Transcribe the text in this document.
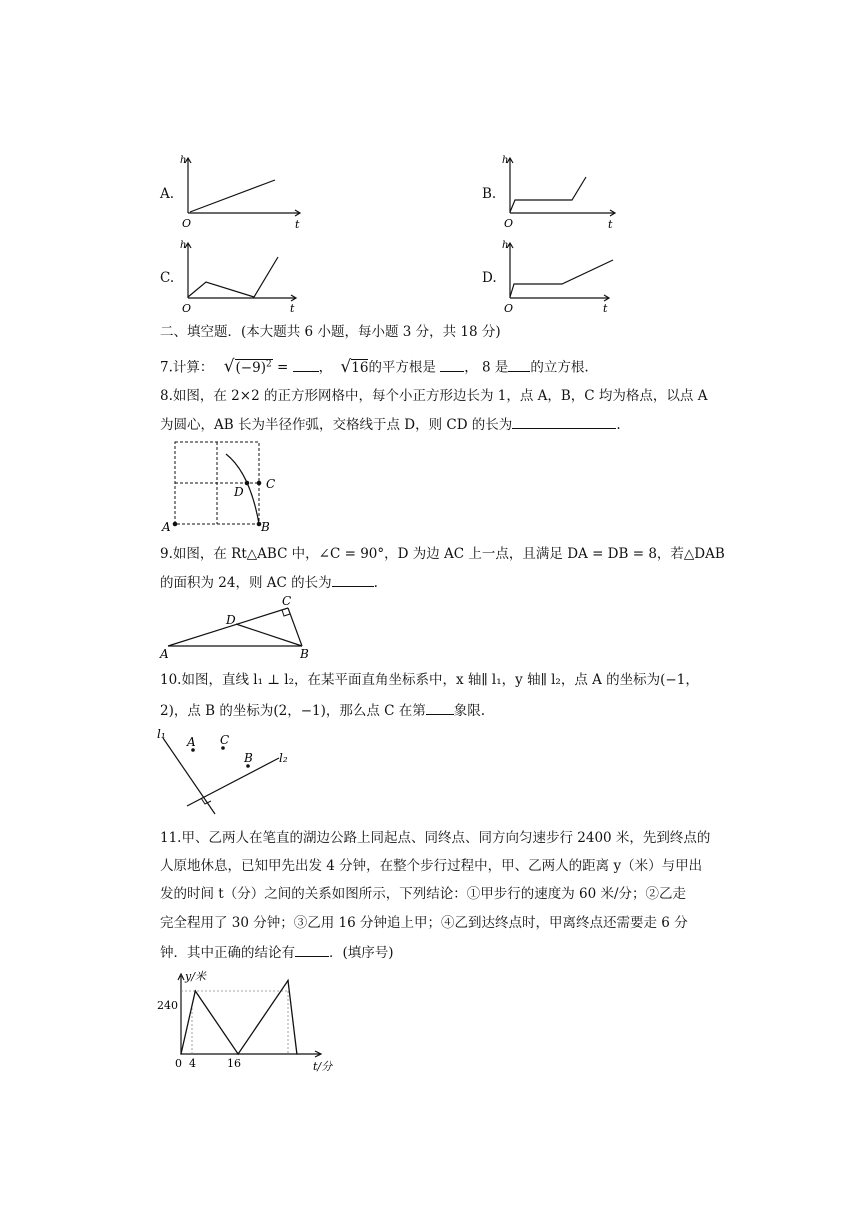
A.
h
O	t
B.
h
O	t
C.
h
O	t
D.
h
O	t
二、填空题．(本大题共 6 小题，每小题 3 分，共 18 分)
7.计算： $√(-9)^2$ = ， √16的平方根是 ， 8 是 的立方根.
8.如图，在 2×2 的正方形网格中，每个小正方形边长为 1，点 A，B，C 均为格点，以点 A
为圆心，AB 长为半径作弧，交格线于点 D，则 CD 的长为	.
A	B
C
D
9.如图，在 Rt△ABC 中，∠C = 90°，D 为边 AC 上一点，且满足 DA = DB = 8，若△DAB
的面积为 24，则 AC 的长为	.
A	B
C
D
10.如图，直线 l₁ ⊥ l₂，在某平面直角坐标系中，x 轴∥ l₁，y 轴∥ l₂，点 A 的坐标为(−1，
2)，点 B 的坐标为(2，−1)，那么点 C 在第 象限.
l₁
l₂
A C
B
11.甲、乙两人在笔直的湖边公路上同起点、同终点、同方向匀速步行 2400 米，先到终点的
人原地休息，已知甲先出发 4 分钟，在整个步行过程中，甲、乙两人的距离 y（米）与甲出
发的时间 t（分）之间的关系如图所示，下列结论：①甲步行的速度为 60 米/分；②乙走
完全程用了 30 分钟；③乙用 16 分钟追上甲；④乙到达终点时，甲离终点还需要走 6 分
钟．其中正确的结论有	．(填序号)
y/米
t/分
240
0 4	16
